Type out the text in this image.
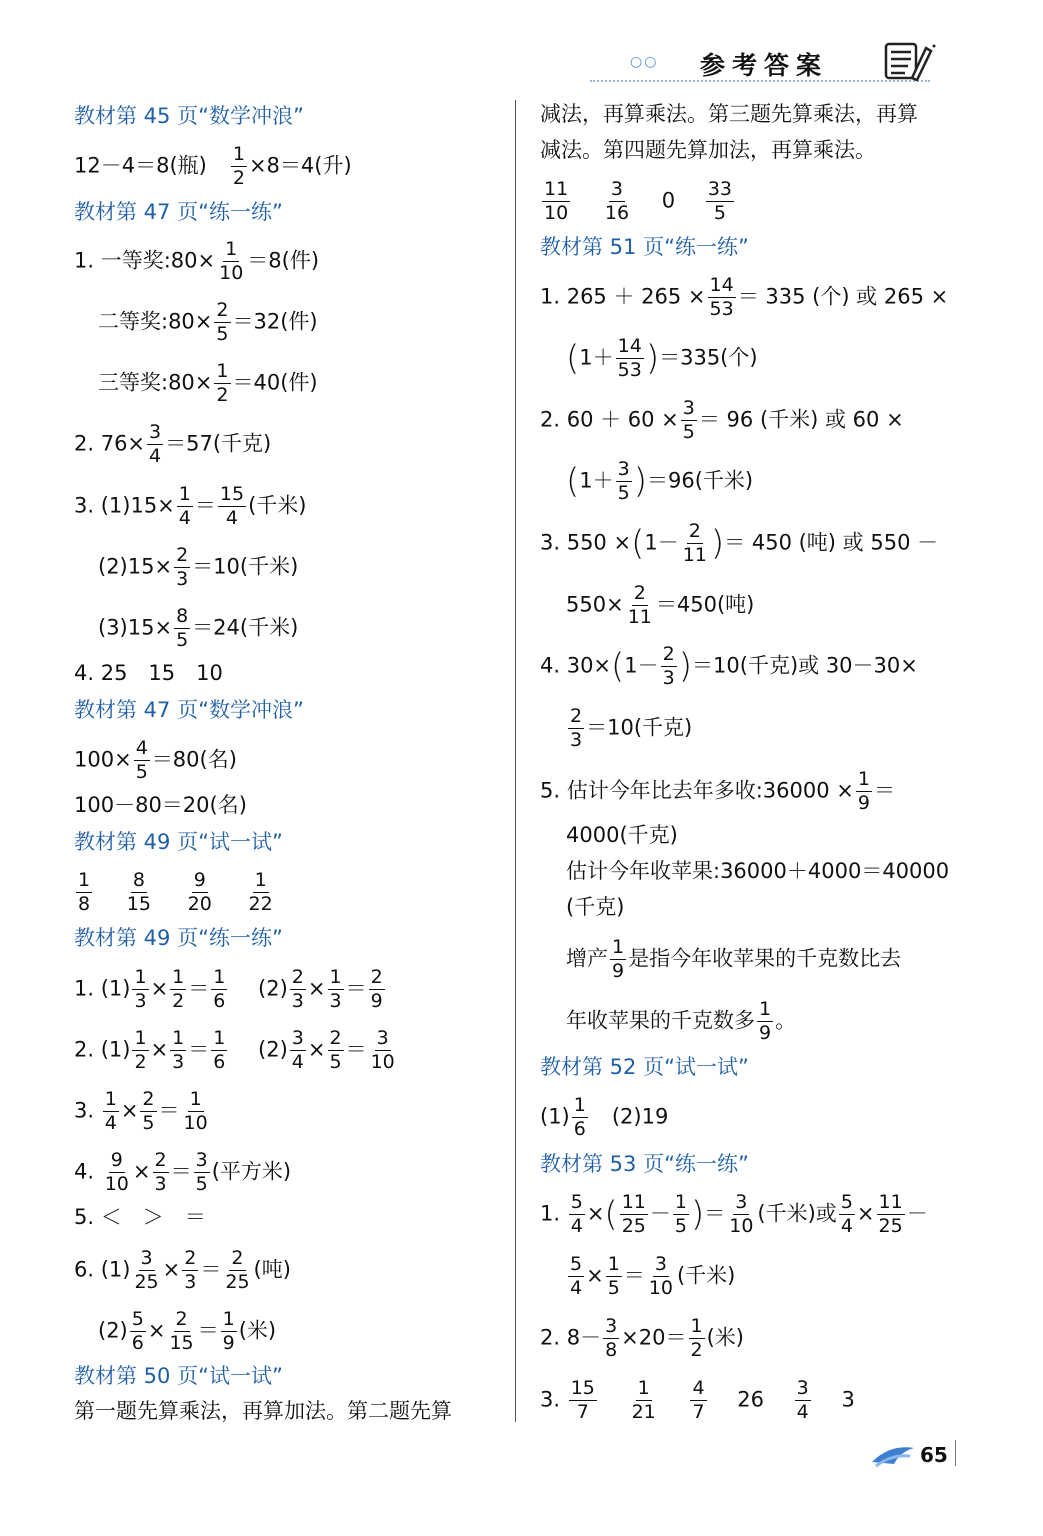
○○ 参考答案
教材第 45 页“数学冲浪”
12－4＝8(瓶) $\frac{1}{2} \times 8=4$(升)
教材第 47 页“练一练”
1. 一等奖:80× $\frac{1}{10} =8$(件)
二等奖:80× $\frac{2}{5} =32$(件)
三等奖:80× $\frac{1}{2} =40$(件)
2. $76\times \frac{3}{4} =57$(千克)
3. $(1)15\times \frac{1}{4} = \frac{15}{4}$ (千米)
$(2)15\times \frac{2}{3} =10$(千米)
$(3)15\times \frac{8}{5} =24$(千米)
4. 25　15　10
教材第 47 页“数学冲浪”
$100\times \frac{4}{5} =80$(名)
100－80＝20(名)
教材第 49 页“试一试”
$\frac{1}{8}$
$\frac{8}{15}$
$\frac{9}{20}$
$\frac{1}{22}$
教材第 49 页“练一练”
1. $(1) \frac{1}{3} \times \frac{1}{2} = \frac{1}{6} (2) \frac{2}{3} \times \frac{1}{3} = \frac{2}{9}$
2. $(1) \frac{1}{2} \times \frac{1}{3} = \frac{1}{6} (2) \frac{3}{4} \times \frac{2}{5} = \frac{3}{10}$
3. $\frac{1}{4} \times \frac{2}{5} = \frac{1}{10}$
4. $\frac{9}{10} \times \frac{2}{3} = \frac{3}{5}$ (平方米)
5. ＜　＞　＝
6. $(1) \frac{3}{25} \times \frac{2}{3} = \frac{2}{25}$ (吨)
$(2) \frac{5}{6} \times \frac{2}{15} = \frac{1}{9}$ (米)
教材第 50 页“试一试”
第一题先算乘法，再算加法。第二题先算
减法，再算乘法。第三题先算乘法，再算
减法。第四题先算加法，再算乘法。
$\frac{11}{10}$
$\frac{3}{16} 0 \frac{33}{5}$
教材第 51 页“练一练”
1. $265 + 265 \times \frac{14}{53} = 335$ (个) 或 265 ×
$(1+ \frac{14}{53} )=335$(个)
2. $60 + 60 \times \frac{3}{5} = 96$ (千米) 或 60 ×
$(1+ \frac{3}{5} )=96$(千米)
3. $550 \times(1- \frac{2}{11}$ )＝ 450 (吨) 或 550 －
$550\times \frac{2}{11} =450$(吨)
4. $30\times(1- \frac{2}{3} )=10$(千克)或 30－30×
$\frac{2}{3} =10$(千克)
5. 估计今年比去年多收:36000 × $\frac{1}{9}$ ＝
4000(千克)
估计今年收苹果:36000＋4000＝40000
(千克)
增产 $\frac{1}{9}$ 是指今年收苹果的千克数比去
年收苹果的千克数多 $\frac{1}{9}$ 。
教材第 52 页“试一试”
$(1) \frac{1}{6} (2)19$
教材第 53 页“练一练”
1. $\frac{5}{4}$ ×( $\frac{11}{25} - \frac{1}{5}$ )＝ $\frac{3}{10}$ (千米)或 $\frac{5}{4} \times \frac{11}{25}$ －
$\frac{5}{4} \times \frac{1}{5} = \frac{3}{10}$ (千米)
2. $8- \frac{3}{8} \times 20= \frac{1}{2}$ (米)
3. $\frac{15}{7}$
$\frac{1}{21}$
$\frac{4}{7} 26 \frac{3}{4} 3$
65
